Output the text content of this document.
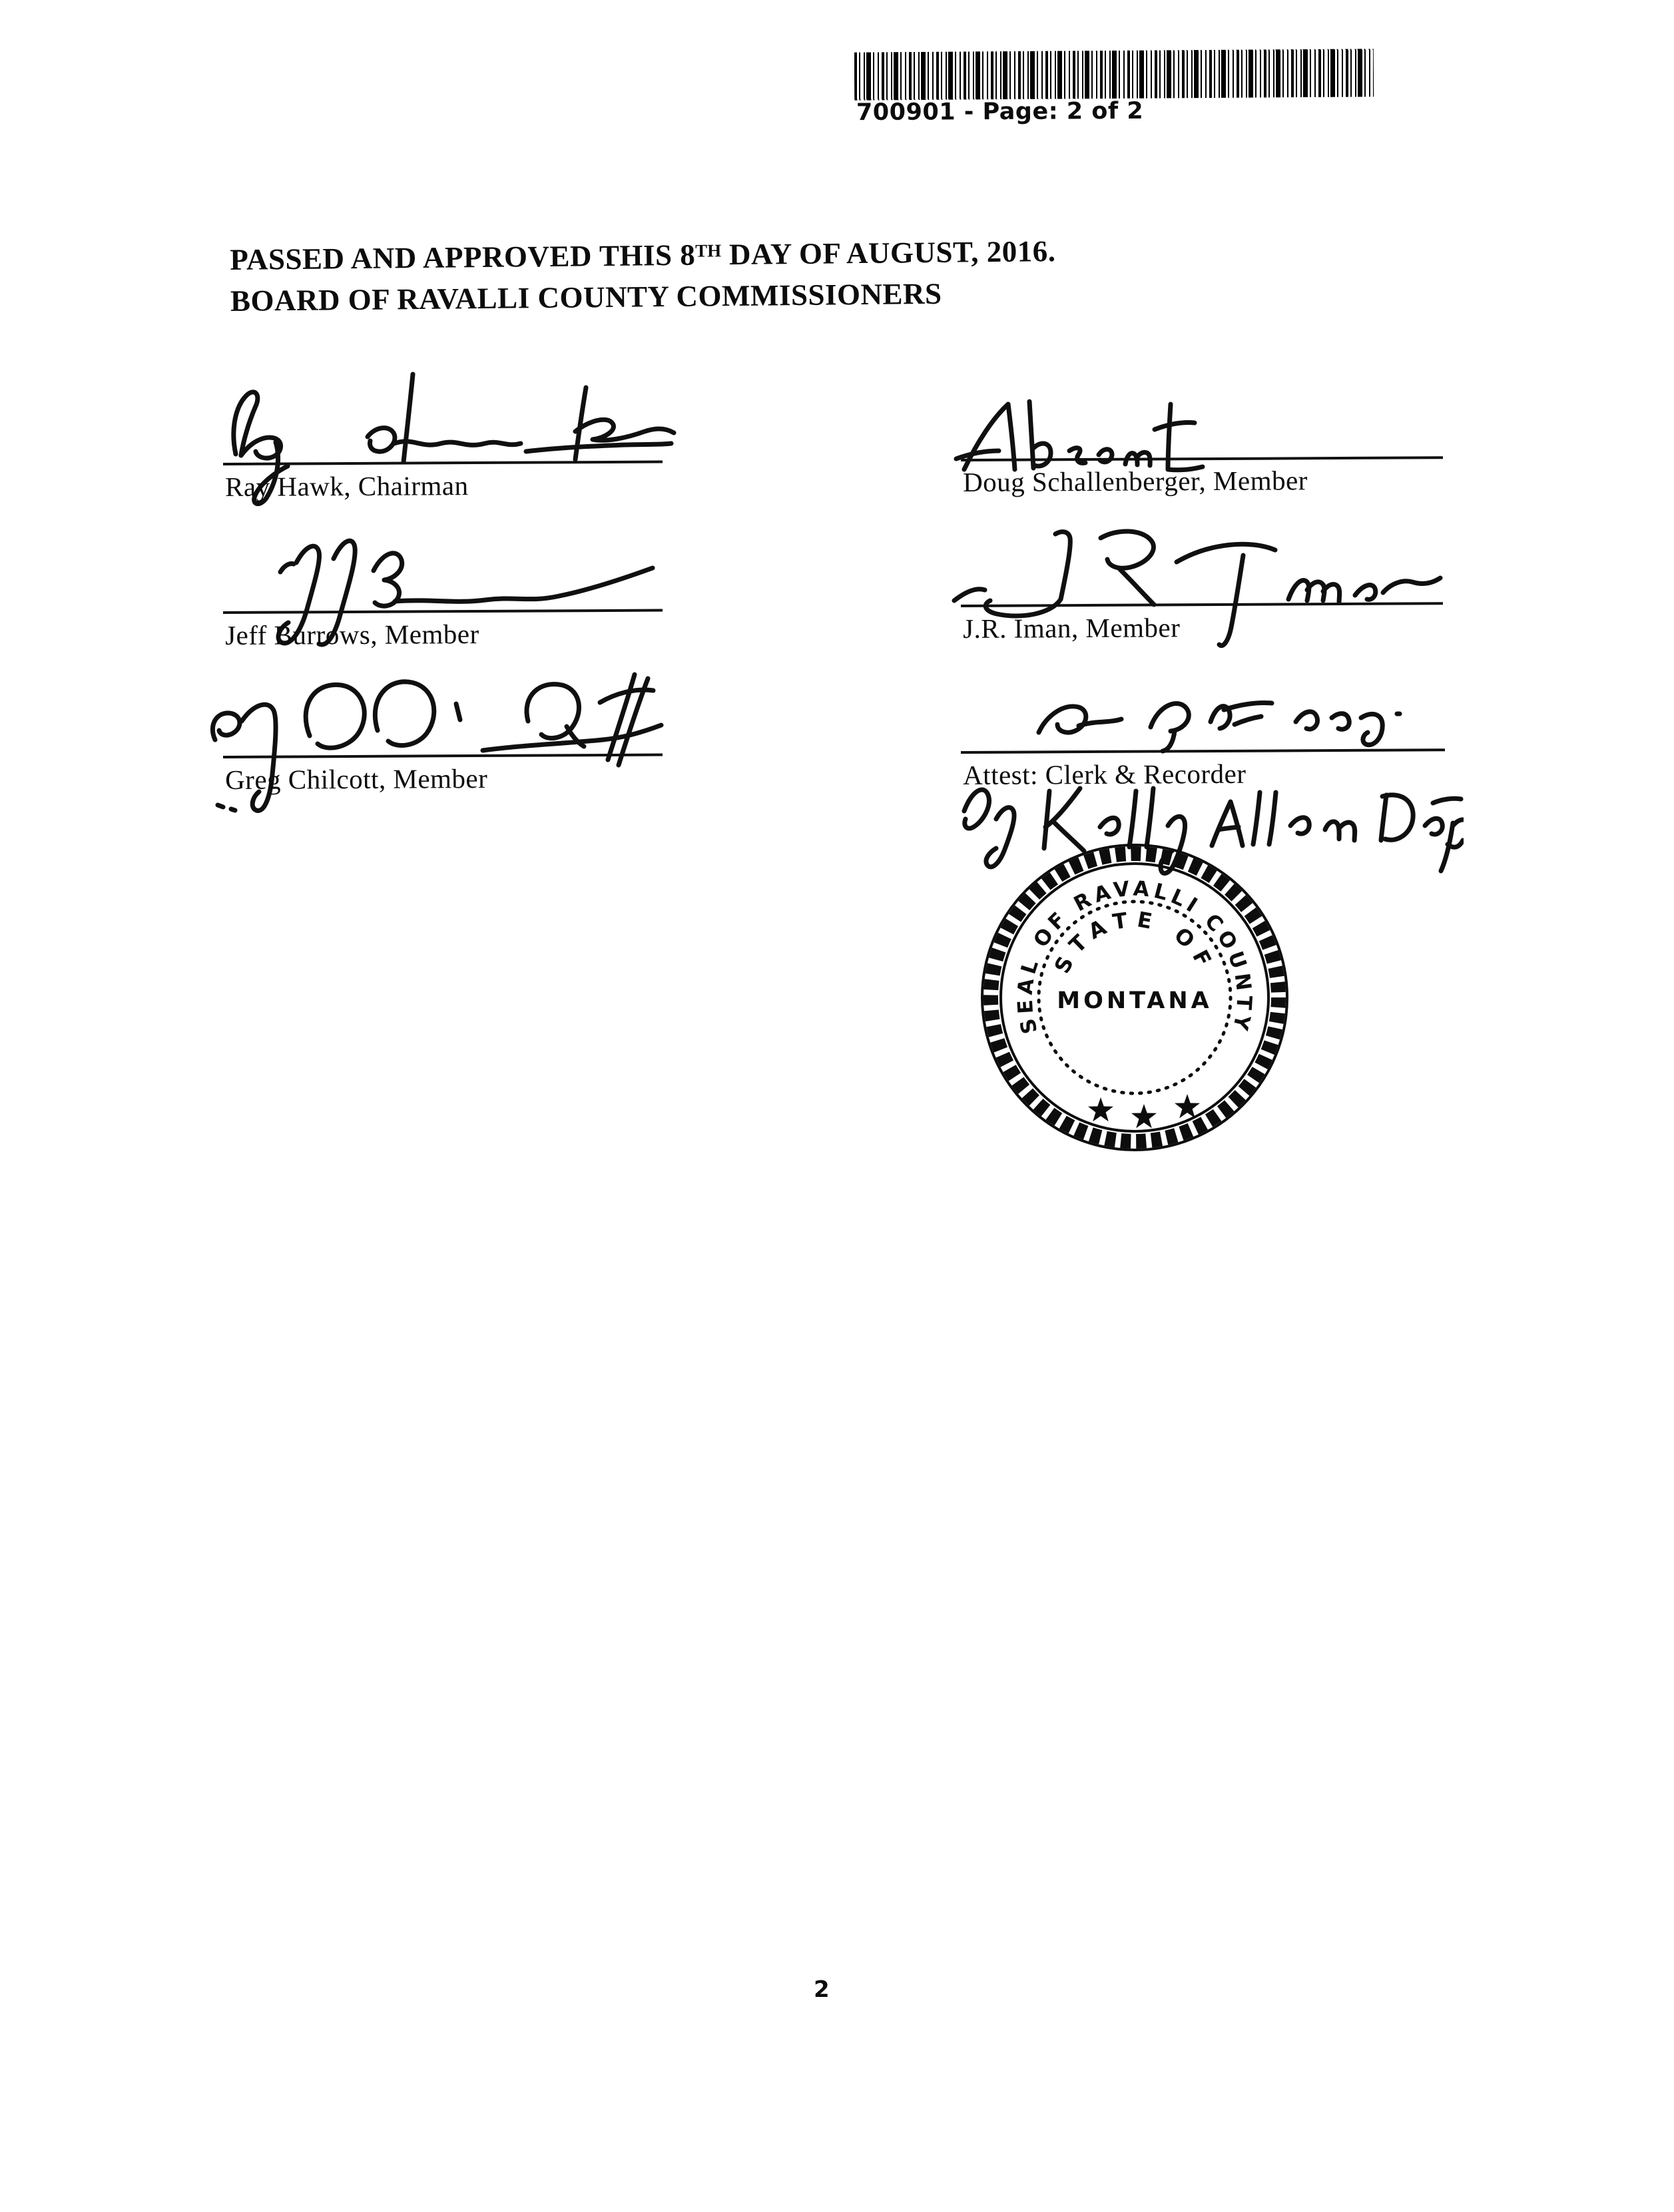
700901 - Page: 2 of 2
PASSED AND APPROVED THIS 8TH DAY OF AUGUST, 2016.
BOARD OF RAVALLI COUNTY COMMISSIONERS
Ray Hawk, Chairman	Doug Schallenberger, Member
Jeff Burrows, Member	J.R. Iman, Member
Greg Chilcott, Member	Attest: Clerk & Recorder
SEAL OF RAVALLI COUNTY
STATE OF
MONTANA
2
